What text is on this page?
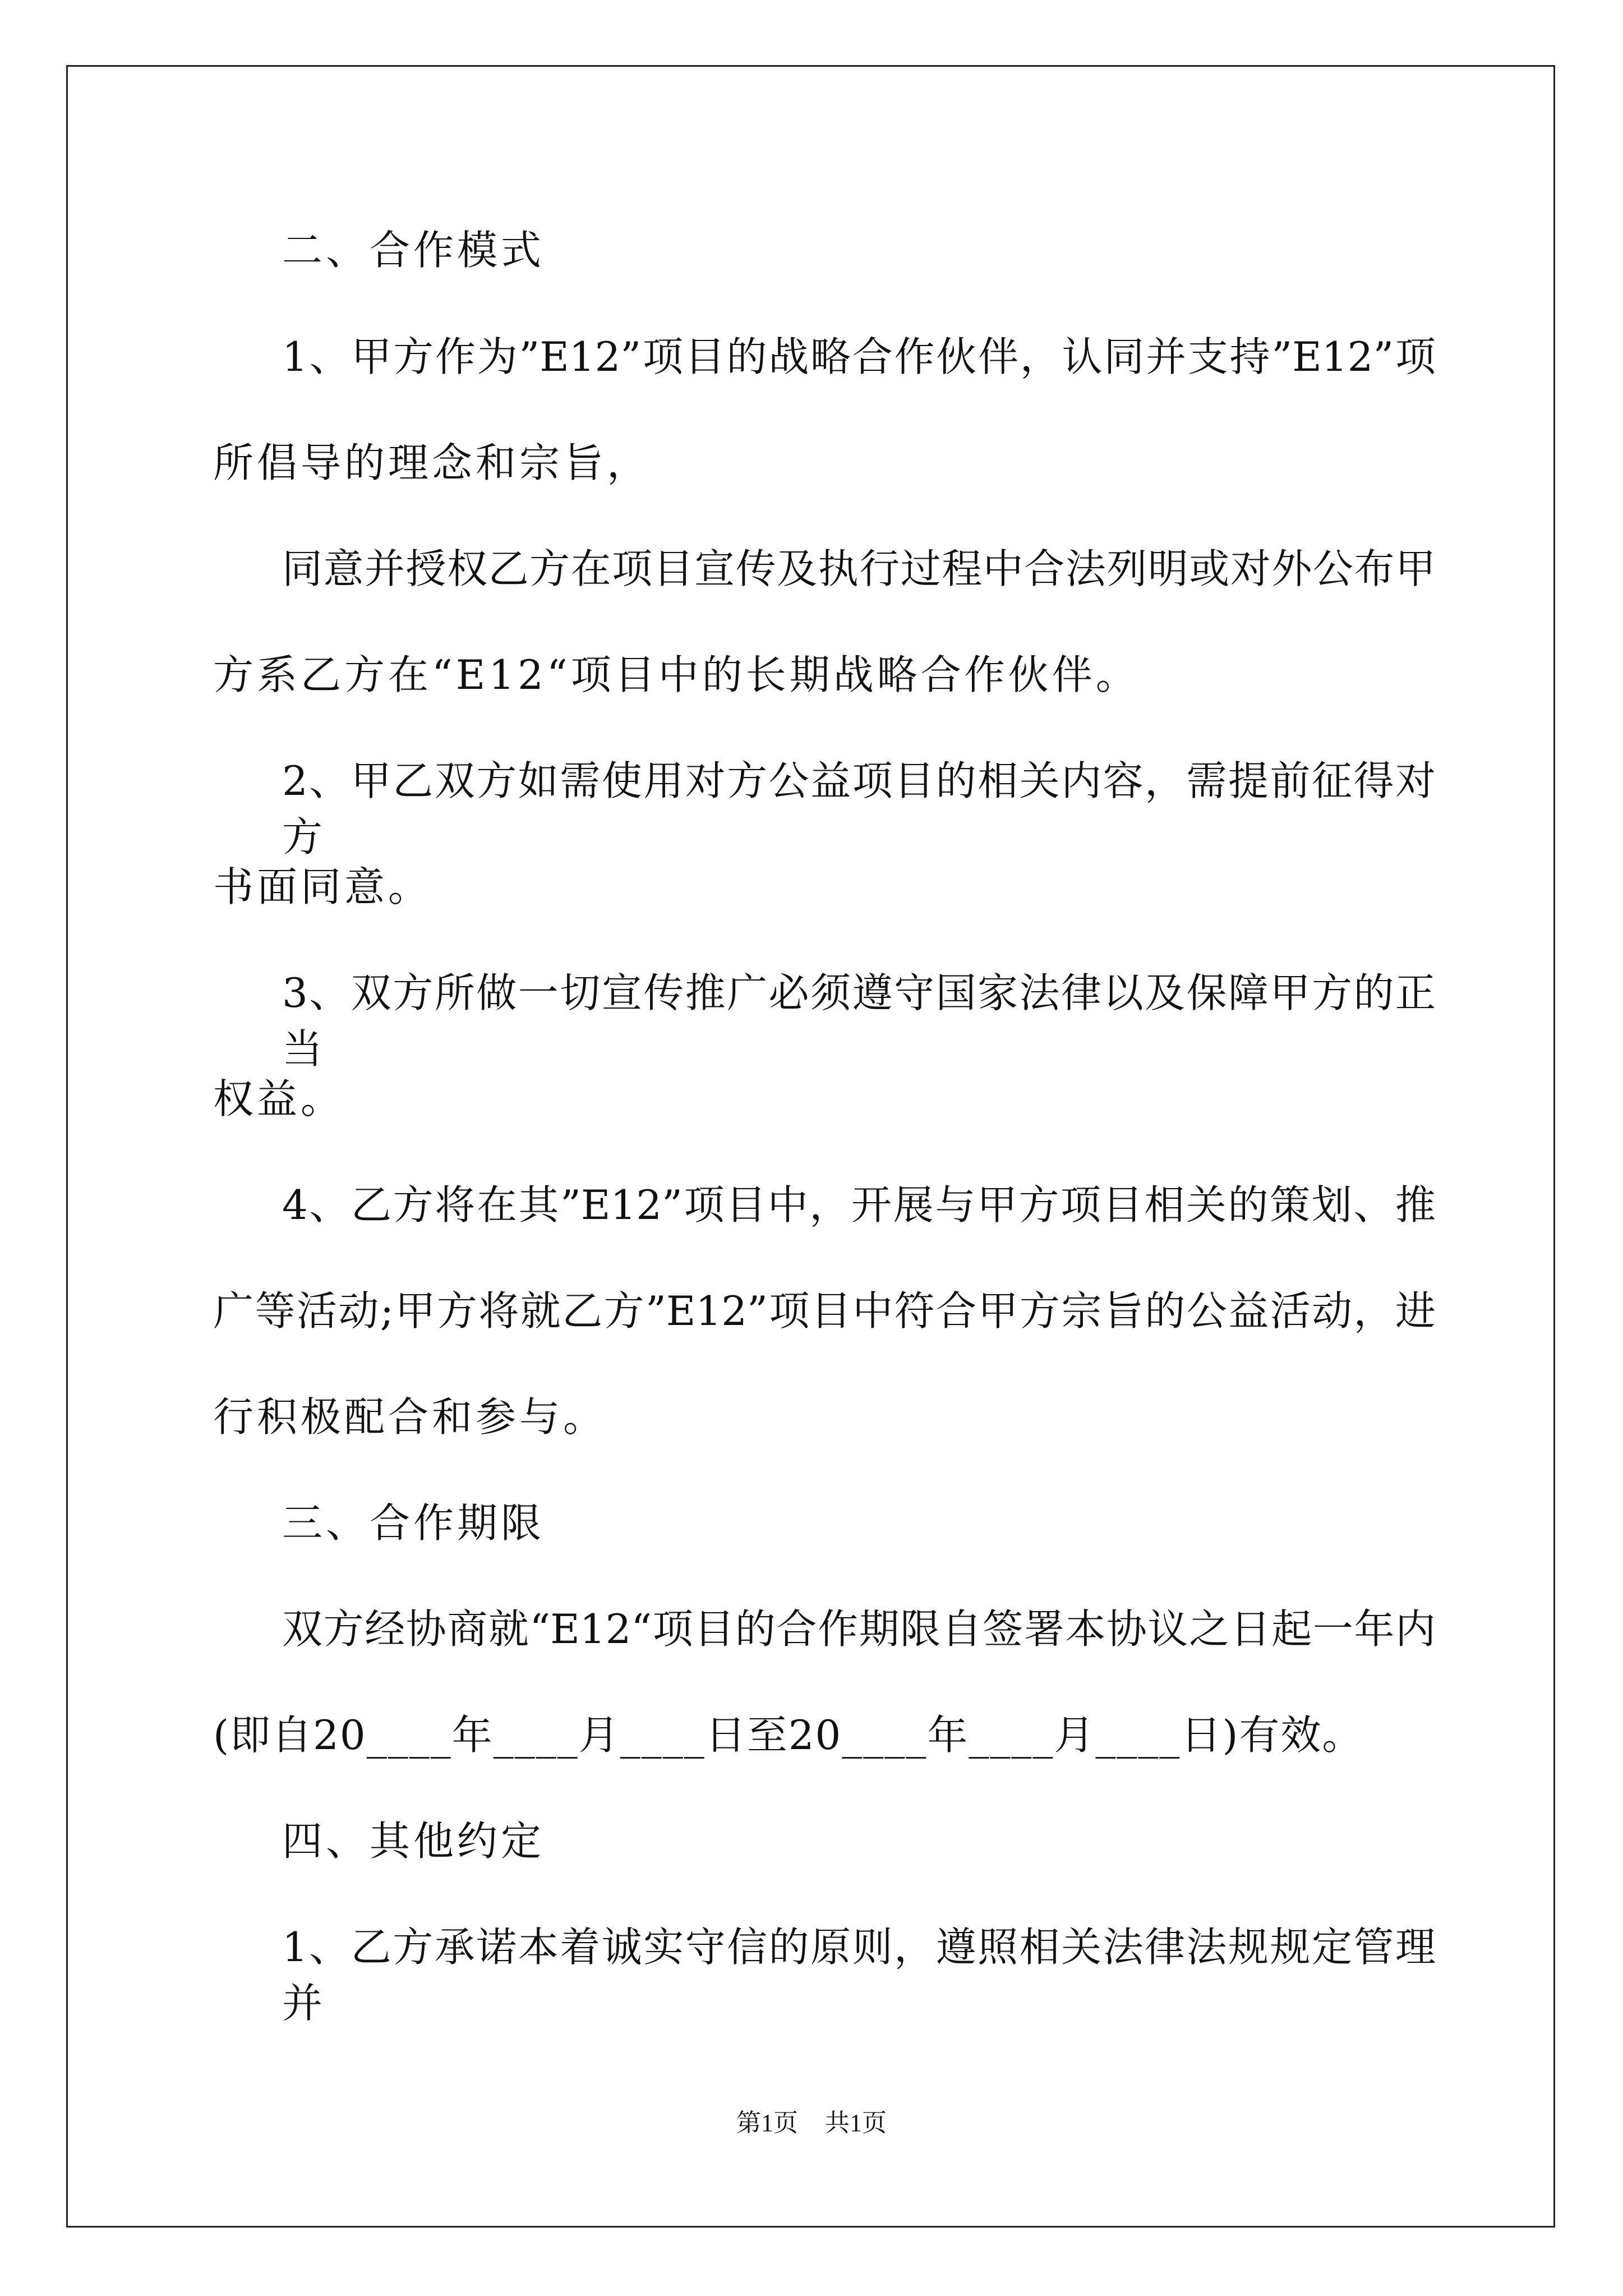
二、合作模式
1、甲方作为”E12”项目的战略合作伙伴，认同并支持”E12”项
所倡导的理念和宗旨，
同意并授权乙方在项目宣传及执行过程中合法列明或对外公布甲
方系乙方在“E12“项目中的长期战略合作伙伴。
2、甲乙双方如需使用对方公益项目的相关内容，需提前征得对方
书面同意。
3、双方所做一切宣传推广必须遵守国家法律以及保障甲方的正当
权益。
4、乙方将在其”E12”项目中，开展与甲方项目相关的策划、推
广等活动;甲方将就乙方”E12”项目中符合甲方宗旨的公益活动，进
行积极配合和参与。
三、合作期限
双方经协商就“E12“项目的合作期限自签署本协议之日起一年内
(即自20____年____月____日至20____年____月____日)有效。
四、其他约定
1、乙方承诺本着诚实守信的原则，遵照相关法律法规规定管理并
第1页 共1页
